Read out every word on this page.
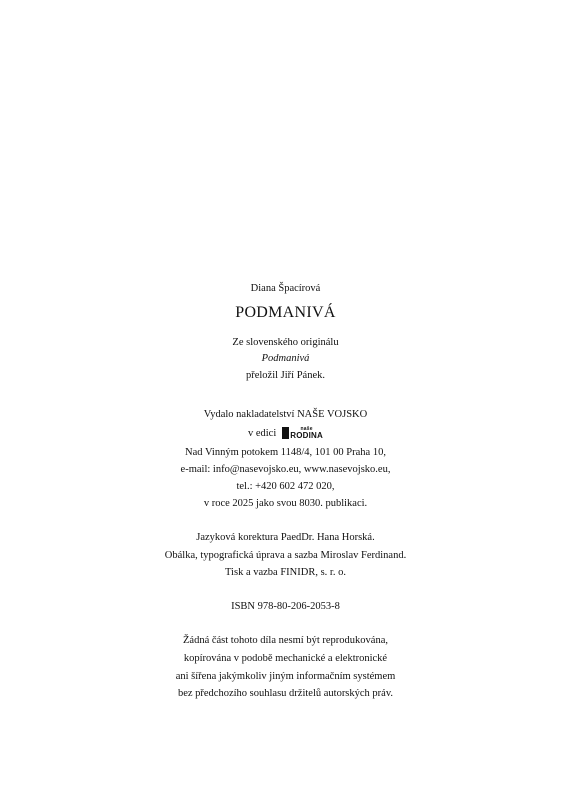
Diana Špacírová
PODMANIVÁ
Ze slovenského originálu
Podmanivá
přeložil Jiří Pánek.
Vydalo nakladatelství NAŠE VOJSKO
v edici	naše
RODINA
Nad Vinným potokem 1148/4, 101 00 Praha 10,
e-mail: info@nasevojsko.eu, www.nasevojsko.eu,
tel.: +420 602 472 020,
v roce 2025 jako svou 8030. publikaci.
Jazyková korektura PaedDr. Hana Horská.
Obálka, typografická úprava a sazba Miroslav Ferdinand.
Tisk a vazba FINIDR, s. r. o.
ISBN 978-80-206-2053-8
Žádná část tohoto díla nesmí být reprodukována,
kopírována v podobě mechanické a elektronické
ani šířena jakýmkoliv jiným informačním systémem
bez předchozího souhlasu držitelů autorských práv.
